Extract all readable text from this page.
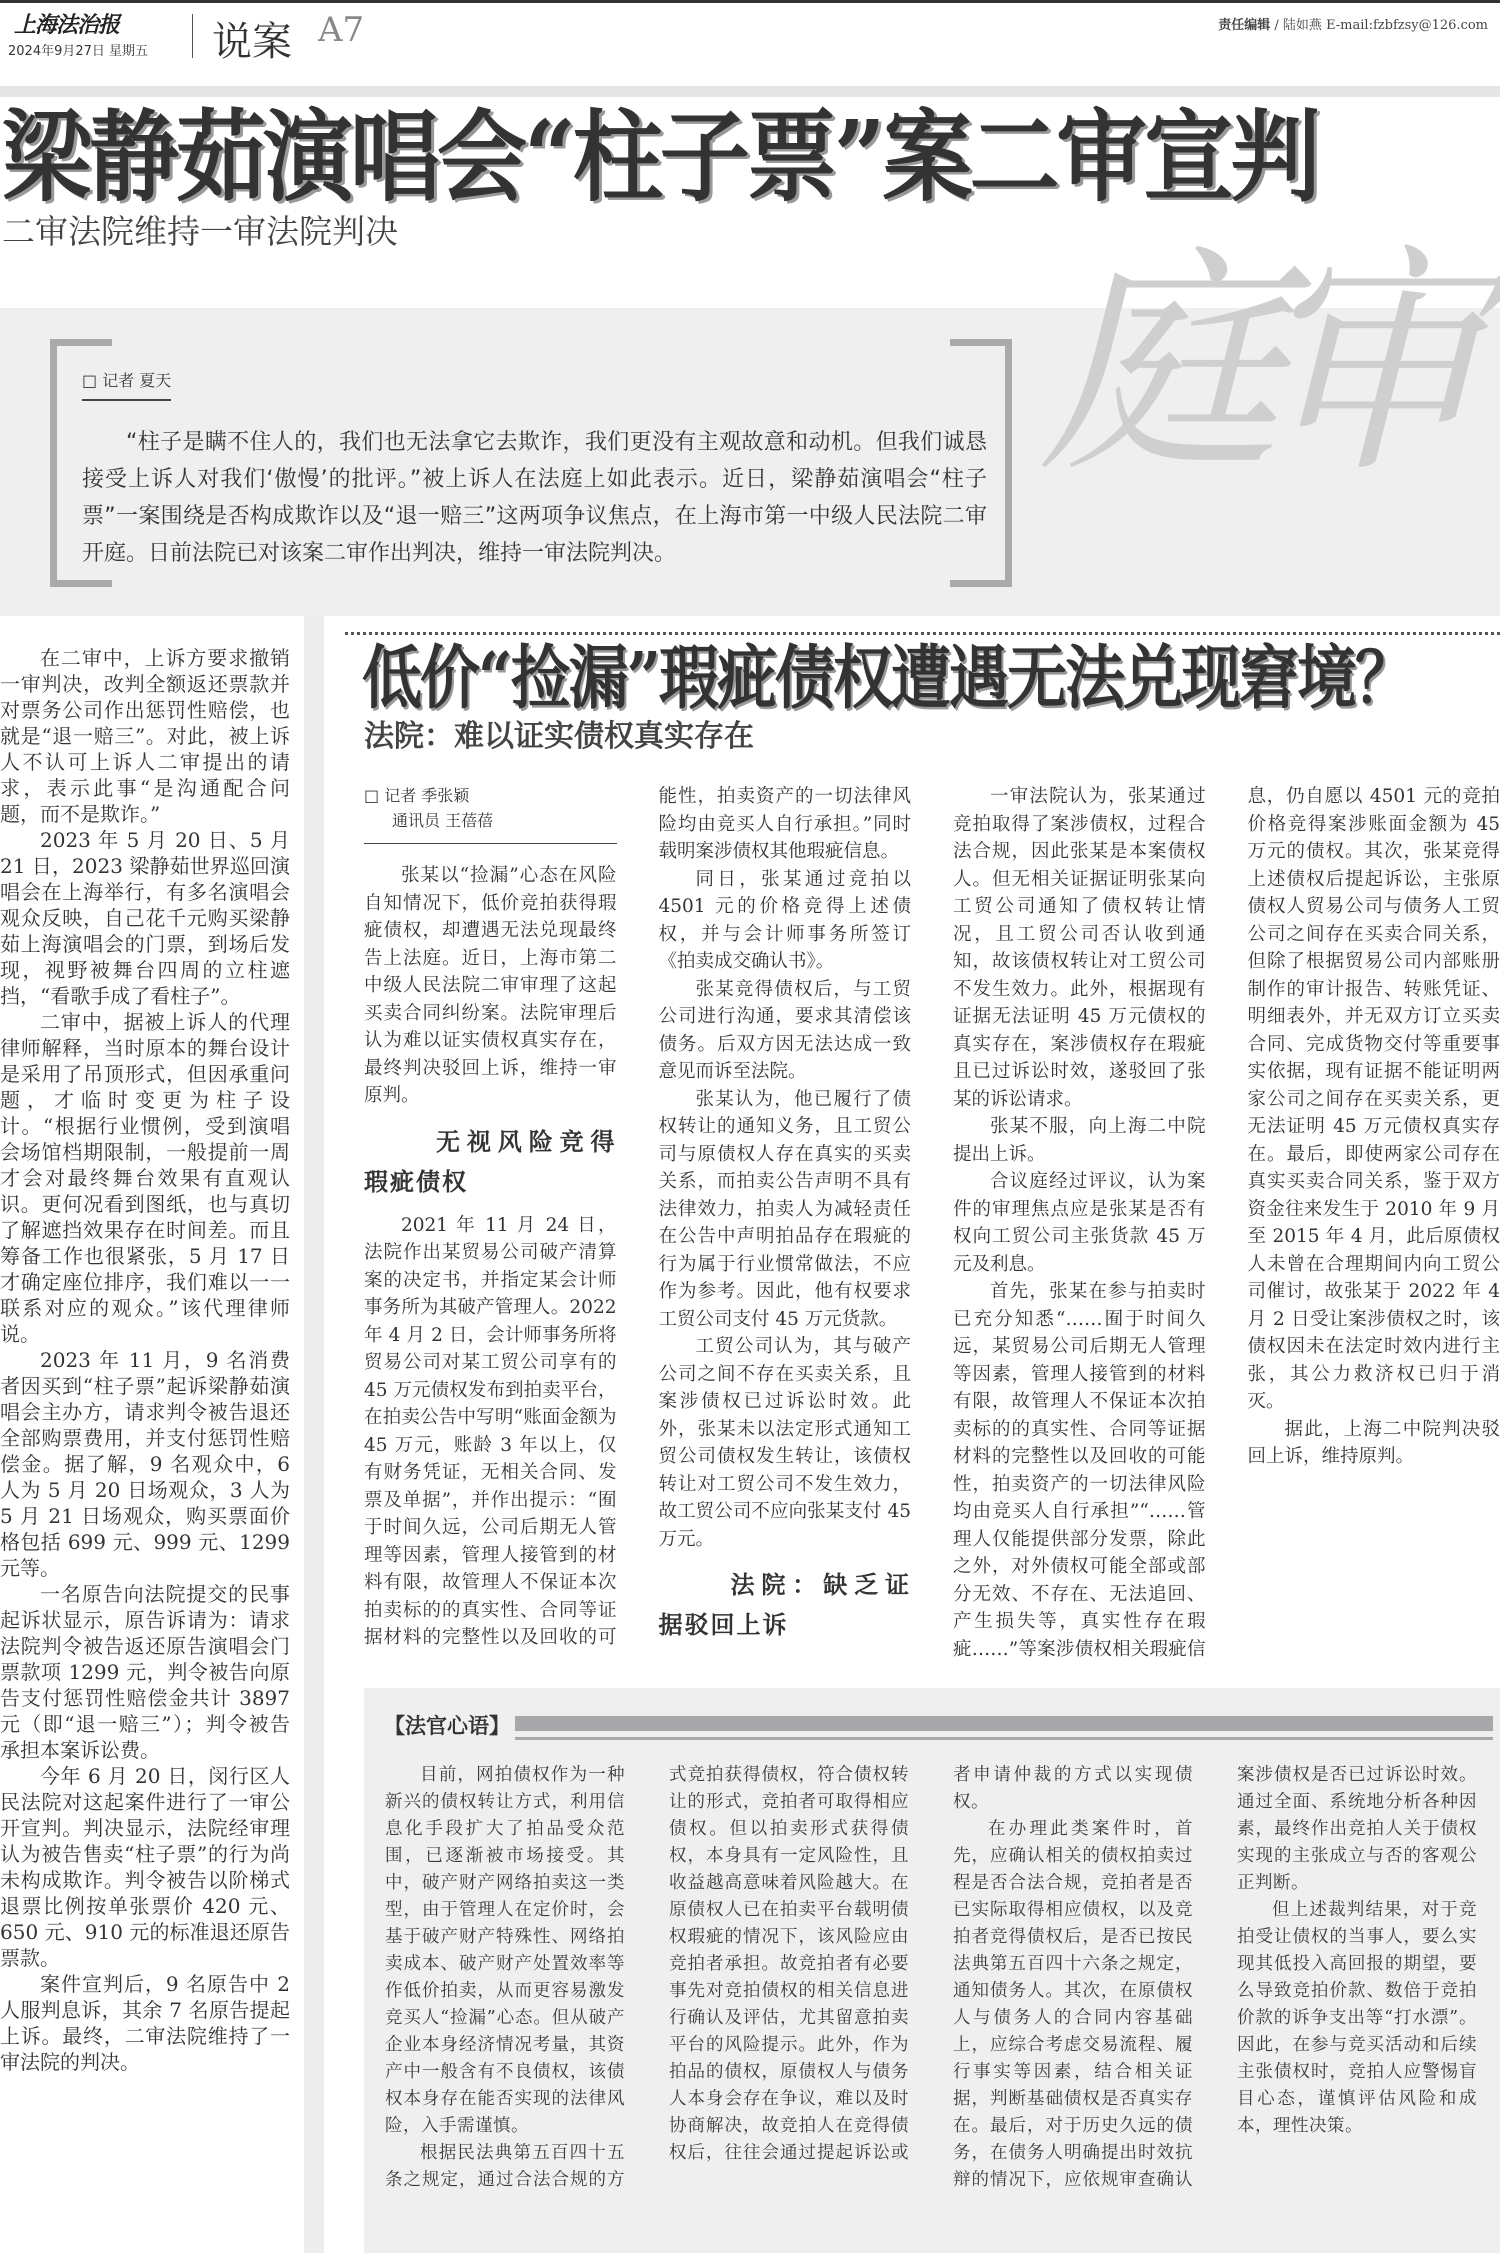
上海法治报
2024年9月27日 星期五 说案 A7	责任编辑 / 陆如燕 E-mail:fzbfzsy@126.com
梁静茹演唱会“柱子票”案二审宣判
二审法院维持一审法院判决	庭审
□ 记者 夏天

“柱子是瞒不住人的，我们也无法拿它去欺诈，我们更没有主观故意和动机。但我们诚恳接受上诉人对我们‘傲慢’的批评。”被上诉人在法庭上如此表示。近日，梁静茹演唱会“柱子票”一案围绕是否构成欺诈以及“退一赔三”这两项争议焦点，在上海市第一中级人民法院二审开庭。日前法院已对该案二审作出判决，维持一审法院判决。

在二审中，上诉方要求撤销一审判决，改判全额返还票款并对票务公司作出惩罚性赔偿，也就是“退一赔三”。对此，被上诉人不认可上诉人二审提出的请求，表示此事“是沟通配合问题，而不是欺诈。”

2023 年 5 月 20 日、5 月 21 日，2023 梁静茹世界巡回演唱会在上海举行，有多名演唱会观众反映，自己花千元购买梁静茹上海演唱会的门票，到场后发现，视野被舞台四周的立柱遮挡，“看歌手成了看柱子”。

二审中，据被上诉人的代理律师解释，当时原本的舞台设计是采用了吊顶形式，但因承重问题，才临时变更为柱子设计。“根据行业惯例，受到演唱会场馆档期限制，一般提前一周才会对最终舞台效果有直观认识。更何况看到图纸，也与真切了解遮挡效果存在时间差。而且筹备工作也很紧张，5 月 17 日才确定座位排序，我们难以一一联系对应的观众。”该代理律师说。

2023 年 11 月，9 名消费者因买到“柱子票”起诉梁静茹演唱会主办方，请求判令被告退还全部购票费用，并支付惩罚性赔偿金。据了解，9 名观众中，6 人为 5 月 20 日场观众，3 人为 5 月 21 日场观众，购买票面价格包括 699 元、999 元、1299 元等。

一名原告向法院提交的民事起诉状显示，原告诉请为：请求法院判令被告返还原告演唱会门票款项 1299 元，判令被告向原告支付惩罚性赔偿金共计 3897 元（即“退一赔三”）；判令被告承担本案诉讼费。

今年 6 月 20 日，闵行区人民法院对这起案件进行了一审公开宣判。判决显示，法院经审理认为被告售卖“柱子票”的行为尚未构成欺诈。判令被告以阶梯式退票比例按单张票价 420 元、650 元、910 元的标准退还原告票款。

案件宣判后，9 名原告中 2 人服判息诉，其余 7 名原告提起上诉。最终，二审法院维持了一审法院的判决。

低价“捡漏”瑕疵债权遭遇无法兑现窘境？
法院：难以证实债权真实存在
□ 记者 季张颖
通讯员 王蓓蓓

张某以“捡漏”心态在风险自知情况下，低价竞拍获得瑕疵债权，却遭遇无法兑现最终告上法庭。近日，上海市第二中级人民法院二审审理了这起买卖合同纠纷案。法院审理后认为难以证实债权真实存在，最终判决驳回上诉，维持一审原判。

无视风险竞得瑕疵债权

2021 年 11 月 24 日，法院作出某贸易公司破产清算案的决定书，并指定某会计师事务所为其破产管理人。2022 年 4 月 2 日，会计师事务所将贸易公司对某工贸公司享有的 45 万元债权发布到拍卖平台，在拍卖公告中写明“账面金额为 45 万元，账龄 3 年以上，仅有财务凭证，无相关合同、发票及单据”，并作出提示：“囿于时间久远，公司后期无人管理等因素，管理人接管到的材料有限，故管理人不保证本次拍卖标的的真实性、合同等证据材料的完整性以及回收的可能性，拍卖资产的一切法律风险均由竞买人自行承担。”同时载明案涉债权其他瑕疵信息。

同日，张某通过竞拍以 4501 元的价格竞得上述债权，并与会计师事务所签订《拍卖成交确认书》。

张某竞得债权后，与工贸公司进行沟通，要求其清偿该债务。后双方因无法达成一致意见而诉至法院。

张某认为，他已履行了债权转让的通知义务，且工贸公司与原债权人存在真实的买卖关系，而拍卖公告声明不具有法律效力，拍卖人为减轻责任在公告中声明拍品存在瑕疵的行为属于行业惯常做法，不应作为参考。因此，他有权要求工贸公司支付 45 万元货款。

工贸公司认为，其与破产公司之间不存在买卖关系，且案涉债权已过诉讼时效。此外，张某未以法定形式通知工贸公司债权发生转让，该债权转让对工贸公司不发生效力，故工贸公司不应向张某支付 45 万元。

法院：缺乏证据驳回上诉

一审法院认为，张某通过竞拍取得了案涉债权，过程合法合规，因此张某是本案债权人。但无相关证据证明张某向工贸公司通知了债权转让情况，且工贸公司否认收到通知，故该债权转让对工贸公司不发生效力。此外，根据现有证据无法证明 45 万元债权的真实存在，案涉债权存在瑕疵且已过诉讼时效，遂驳回了张某的诉讼请求。

张某不服，向上海二中院提出上诉。

合议庭经过评议，认为案件的审理焦点应是张某是否有权向工贸公司主张货款 45 万元及利息。

首先，张某在参与拍卖时已充分知悉“……囿于时间久远，某贸易公司后期无人管理等因素，管理人接管到的材料有限，故管理人不保证本次拍卖标的的真实性、合同等证据材料的完整性以及回收的可能性，拍卖资产的一切法律风险均由竞买人自行承担”“……管理人仅能提供部分发票，除此之外，对外债权可能全部或部分无效、不存在、无法追回、产生损失等，真实性存在瑕疵……”等案涉债权相关瑕疵信息，仍自愿以 4501 元的竞拍价格竞得案涉账面金额为 45 万元的债权。其次，张某竞得上述债权后提起诉讼，主张原债权人贸易公司与债务人工贸公司之间存在买卖合同关系，但除了根据贸易公司内部账册制作的审计报告、转账凭证、明细表外，并无双方订立买卖合同、完成货物交付等重要事实依据，现有证据不能证明两家公司之间存在买卖关系，更无法证明 45 万元债权真实存在。最后，即使两家公司存在真实买卖合同关系，鉴于双方资金往来发生于 2010 年 9 月至 2015 年 4 月，此后原债权人未曾在合理期间内向工贸公司催讨，故张某于 2022 年 4 月 2 日受让案涉债权之时，该债权因未在法定时效内进行主张，其公力救济权已归于消灭。

据此，上海二中院判决驳回上诉，维持原判。

【法官心语】

目前，网拍债权作为一种新兴的债权转让方式，利用信息化手段扩大了拍品受众范围，已逐渐被市场接受。其中，破产财产网络拍卖这一类型，由于管理人在定价时，会基于破产财产特殊性、网络拍卖成本、破产财产处置效率等作低价拍卖，从而更容易激发竞买人“捡漏”心态。但从破产企业本身经济情况考量，其资产中一般含有不良债权，该债权本身存在能否实现的法律风险，入手需谨慎。

根据民法典第五百四十五条之规定，通过合法合规的方式竞拍获得债权，符合债权转让的形式，竞拍者可取得相应债权。但以拍卖形式获得债权，本身具有一定风险性，且收益越高意味着风险越大。在原债权人已在拍卖平台载明债权瑕疵的情况下，该风险应由竞拍者承担。故竞拍者有必要事先对竞拍债权的相关信息进行确认及评估，尤其留意拍卖平台的风险提示。此外，作为拍品的债权，原债权人与债务人本身会存在争议，难以及时协商解决，故竞拍人在竞得债权后，往往会通过提起诉讼或者申请仲裁的方式以实现债权。

在办理此类案件时，首先，应确认相关的债权拍卖过程是否合法合规，竞拍者是否已实际取得相应债权，以及竞拍者竞得债权后，是否已按民法典第五百四十六条之规定，通知债务人。其次，在原债权人与债务人的合同内容基础上，应综合考虑交易流程、履行事实等因素，结合相关证据，判断基础债权是否真实存在。最后，对于历史久远的债务，在债务人明确提出时效抗辩的情况下，应依规审查确认案涉债权是否已过诉讼时效。通过全面、系统地分析各种因素，最终作出竞拍人关于债权实现的主张成立与否的客观公正判断。

但上述裁判结果，对于竞拍受让债权的当事人，要么实现其低投入高回报的期望，要么导致竞拍价款、数倍于竞拍价款的诉争支出等“打水漂”。因此，在参与竞买活动和后续主张债权时，竞拍人应警惕盲目心态，谨慎评估风险和成本，理性决策。
